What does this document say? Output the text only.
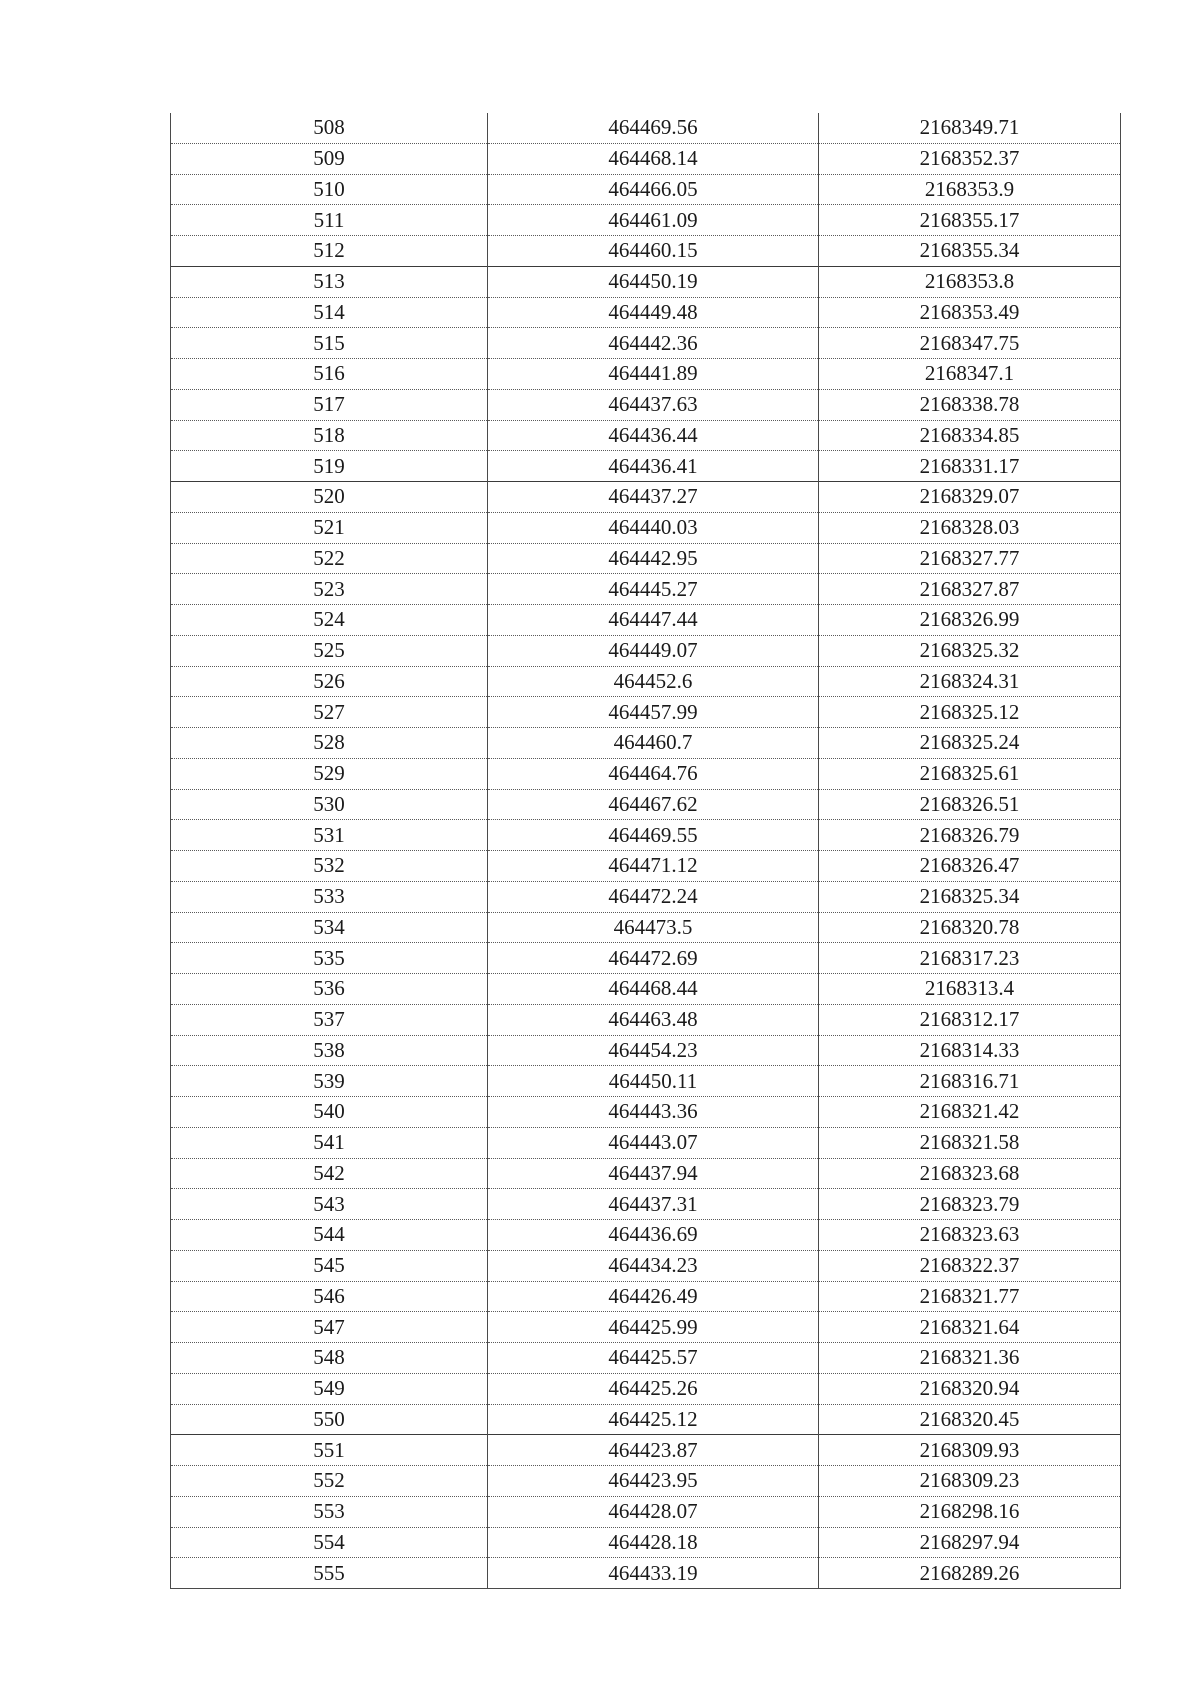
508	464469.56	2168349.71
509	464468.14	2168352.37
510	464466.05	2168353.9
511	464461.09	2168355.17
512	464460.15	2168355.34
513	464450.19	2168353.8
514	464449.48	2168353.49
515	464442.36	2168347.75
516	464441.89	2168347.1
517	464437.63	2168338.78
518	464436.44	2168334.85
519	464436.41	2168331.17
520	464437.27	2168329.07
521	464440.03	2168328.03
522	464442.95	2168327.77
523	464445.27	2168327.87
524	464447.44	2168326.99
525	464449.07	2168325.32
526	464452.6	2168324.31
527	464457.99	2168325.12
528	464460.7	2168325.24
529	464464.76	2168325.61
530	464467.62	2168326.51
531	464469.55	2168326.79
532	464471.12	2168326.47
533	464472.24	2168325.34
534	464473.5	2168320.78
535	464472.69	2168317.23
536	464468.44	2168313.4
537	464463.48	2168312.17
538	464454.23	2168314.33
539	464450.11	2168316.71
540	464443.36	2168321.42
541	464443.07	2168321.58
542	464437.94	2168323.68
543	464437.31	2168323.79
544	464436.69	2168323.63
545	464434.23	2168322.37
546	464426.49	2168321.77
547	464425.99	2168321.64
548	464425.57	2168321.36
549	464425.26	2168320.94
550	464425.12	2168320.45
551	464423.87	2168309.93
552	464423.95	2168309.23
553	464428.07	2168298.16
554	464428.18	2168297.94
555	464433.19	2168289.26
